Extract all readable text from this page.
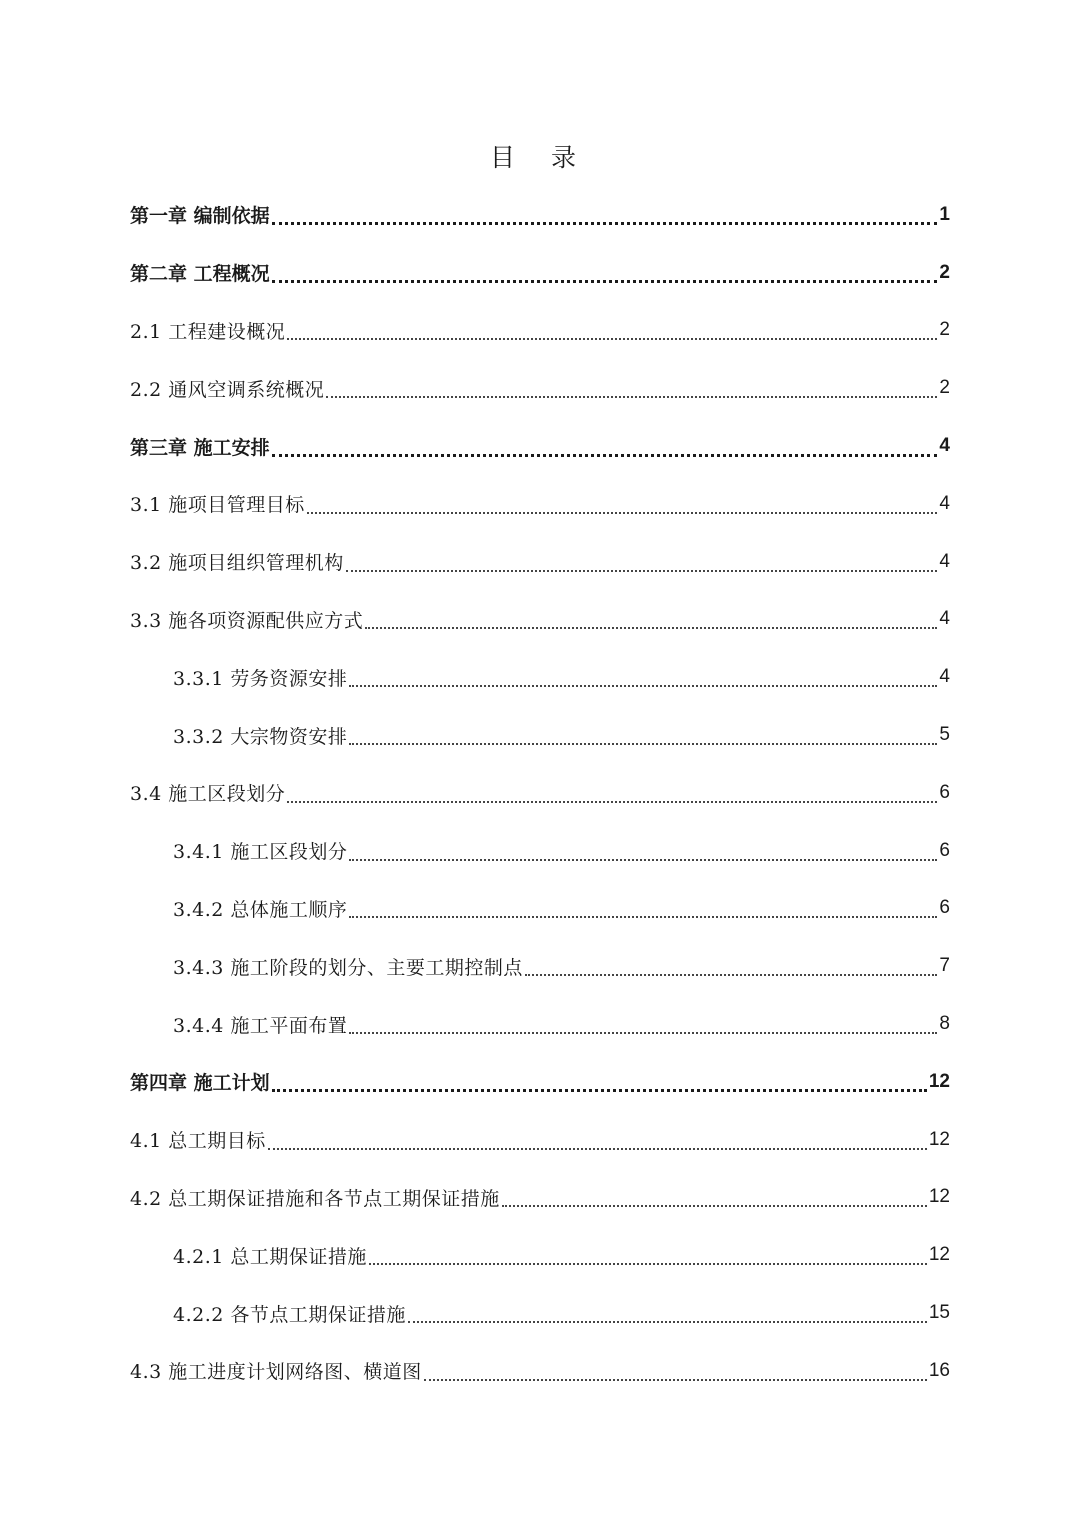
目 录
第一章 编制依据	1
第二章 工程概况	2
2.1 工程建设概况	2
2.2 通风空调系统概况	2
第三章 施工安排	4
3.1 施项目管理目标	4
3.2 施项目组织管理机构	4
3.3 施各项资源配供应方式	4
3.3.1 劳务资源安排	4
3.3.2 大宗物资安排	5
3.4 施工区段划分	6
3.4.1 施工区段划分	6
3.4.2 总体施工顺序	6
3.4.3 施工阶段的划分、主要工期控制点	7
3.4.4 施工平面布置	8
第四章 施工计划	12
4.1 总工期目标	12
4.2 总工期保证措施和各节点工期保证措施	12
4.2.1 总工期保证措施	12
4.2.2 各节点工期保证措施	15
4.3 施工进度计划网络图、横道图	16
